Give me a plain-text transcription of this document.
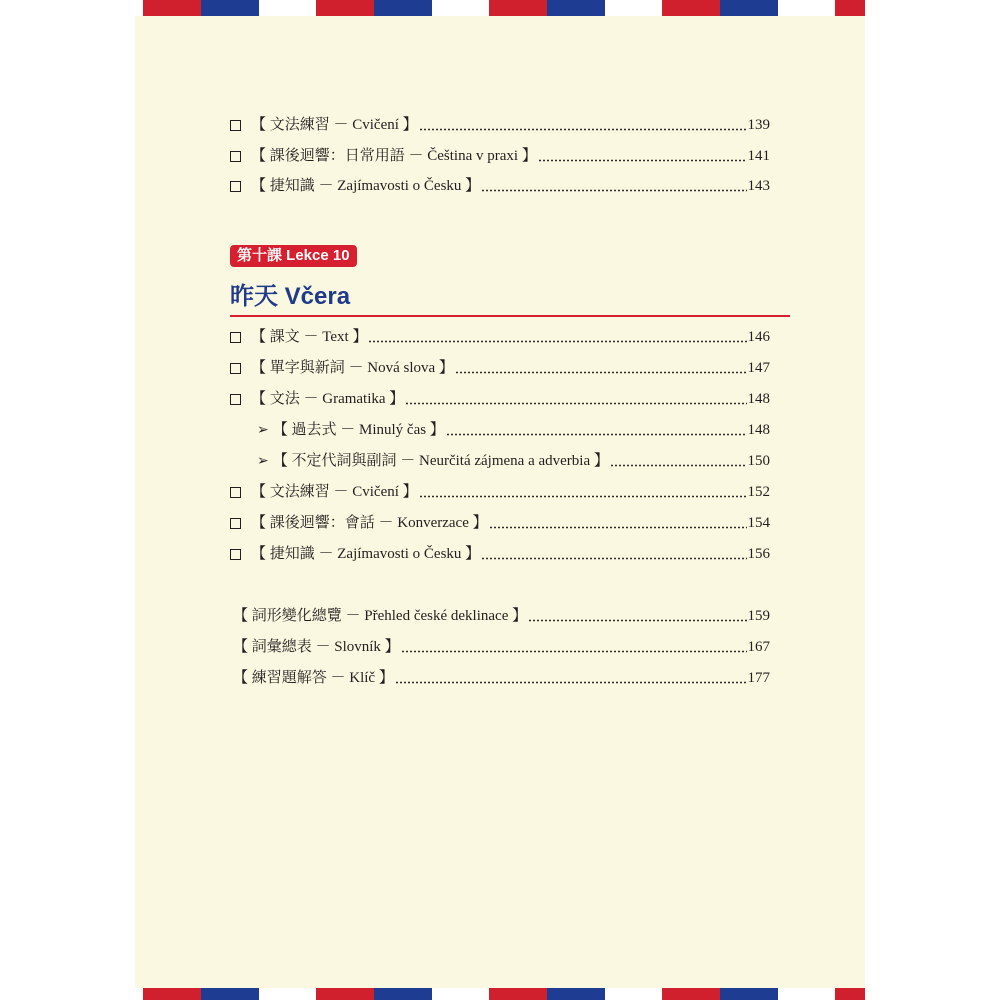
【 文法練習 － Cvičení 】	139
【 課後迴響：日常用語 － Čeština v praxi 】	141
【 捷知識 － Zajímavosti o Česku 】	143
第十課 Lekce 10
昨天 Včera
【 課文 － Text 】	146
【 單字與新詞 － Nová slova 】	147
【 文法 － Gramatika 】	148
➢ 【 過去式 － Minulý čas 】	148
➢ 【 不定代詞與副詞 － Neurčitá zájmena a adverbia 】	150
【 文法練習 － Cvičení 】	152
【 課後迴響：會話 － Konverzace 】	154
【 捷知識 － Zajímavosti o Česku 】	156
【 詞形變化總覽 － Přehled české deklinace 】	159
【 詞彙總表 － Slovník 】	167
【 練習題解答 － Klíč 】	177
